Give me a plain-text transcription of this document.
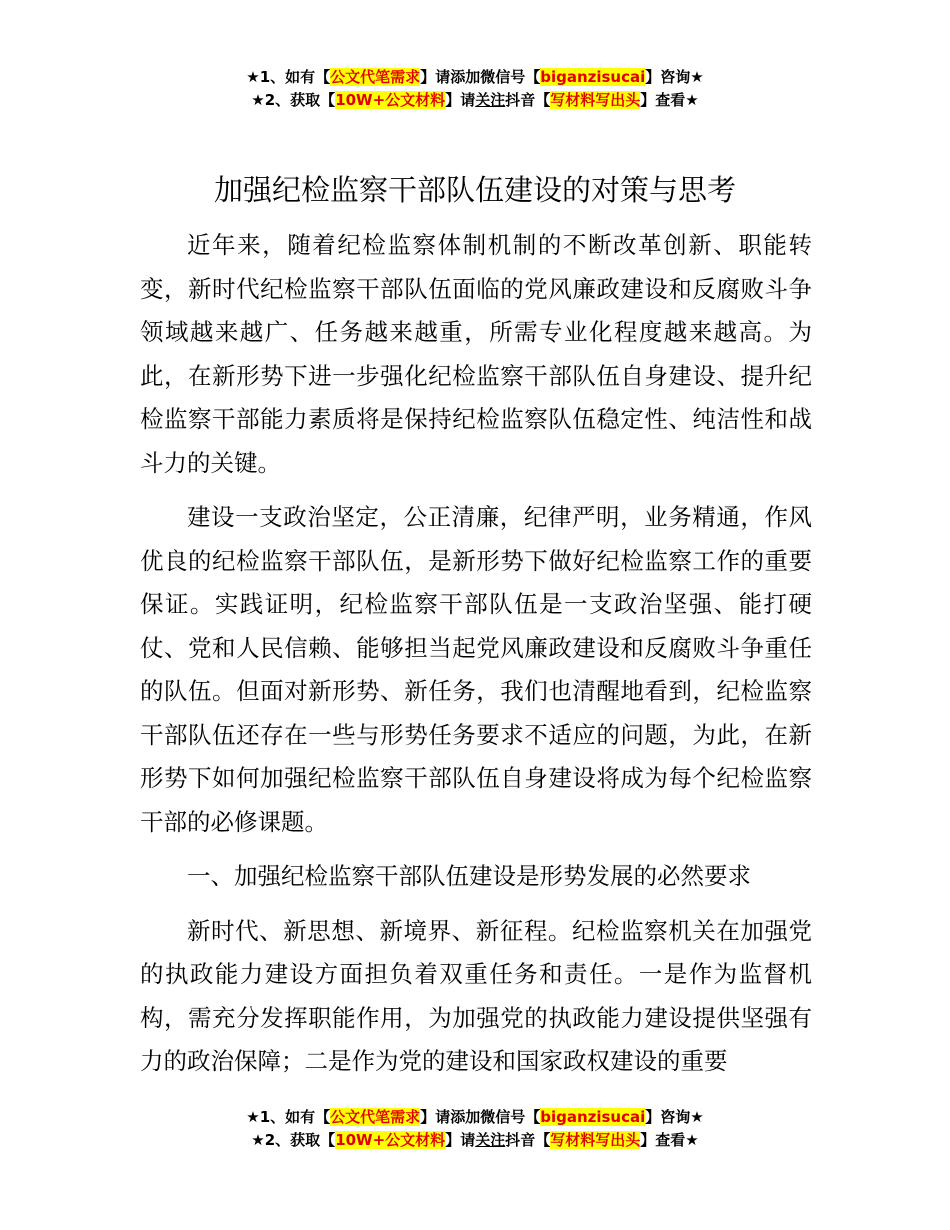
★1、如有【公文代笔需求】请添加微信号【biganzisucai】咨询★
★2、获取【10W+公文材料】请关注抖音【写材料写出头】查看★
加强纪检监察干部队伍建设的对策与思考

近年来，随着纪检监察体制机制的不断改革创新、职能转变，新时代纪检监察干部队伍面临的党风廉政建设和反腐败斗争领域越来越广、任务越来越重，所需专业化程度越来越高。为此，在新形势下进一步强化纪检监察干部队伍自身建设、提升纪检监察干部能力素质将是保持纪检监察队伍稳定性、纯洁性和战斗力的关键。

建设一支政治坚定，公正清廉，纪律严明，业务精通，作风优良的纪检监察干部队伍，是新形势下做好纪检监察工作的重要保证。实践证明，纪检监察干部队伍是一支政治坚强、能打硬仗、党和人民信赖、能够担当起党风廉政建设和反腐败斗争重任的队伍。但面对新形势、新任务，我们也清醒地看到，纪检监察干部队伍还存在一些与形势任务要求不适应的问题，为此，在新形势下如何加强纪检监察干部队伍自身建设将成为每个纪检监察干部的必修课题。

一、加强纪检监察干部队伍建设是形势发展的必然要求

新时代、新思想、新境界、新征程。纪检监察机关在加强党的执政能力建设方面担负着双重任务和责任。一是作为监督机构，需充分发挥职能作用，为加强党的执政能力建设提供坚强有力的政治保障；二是作为党的建设和国家政权建设的重要

★1、如有【公文代笔需求】请添加微信号【biganzisucai】咨询★
★2、获取【10W+公文材料】请关注抖音【写材料写出头】查看★
